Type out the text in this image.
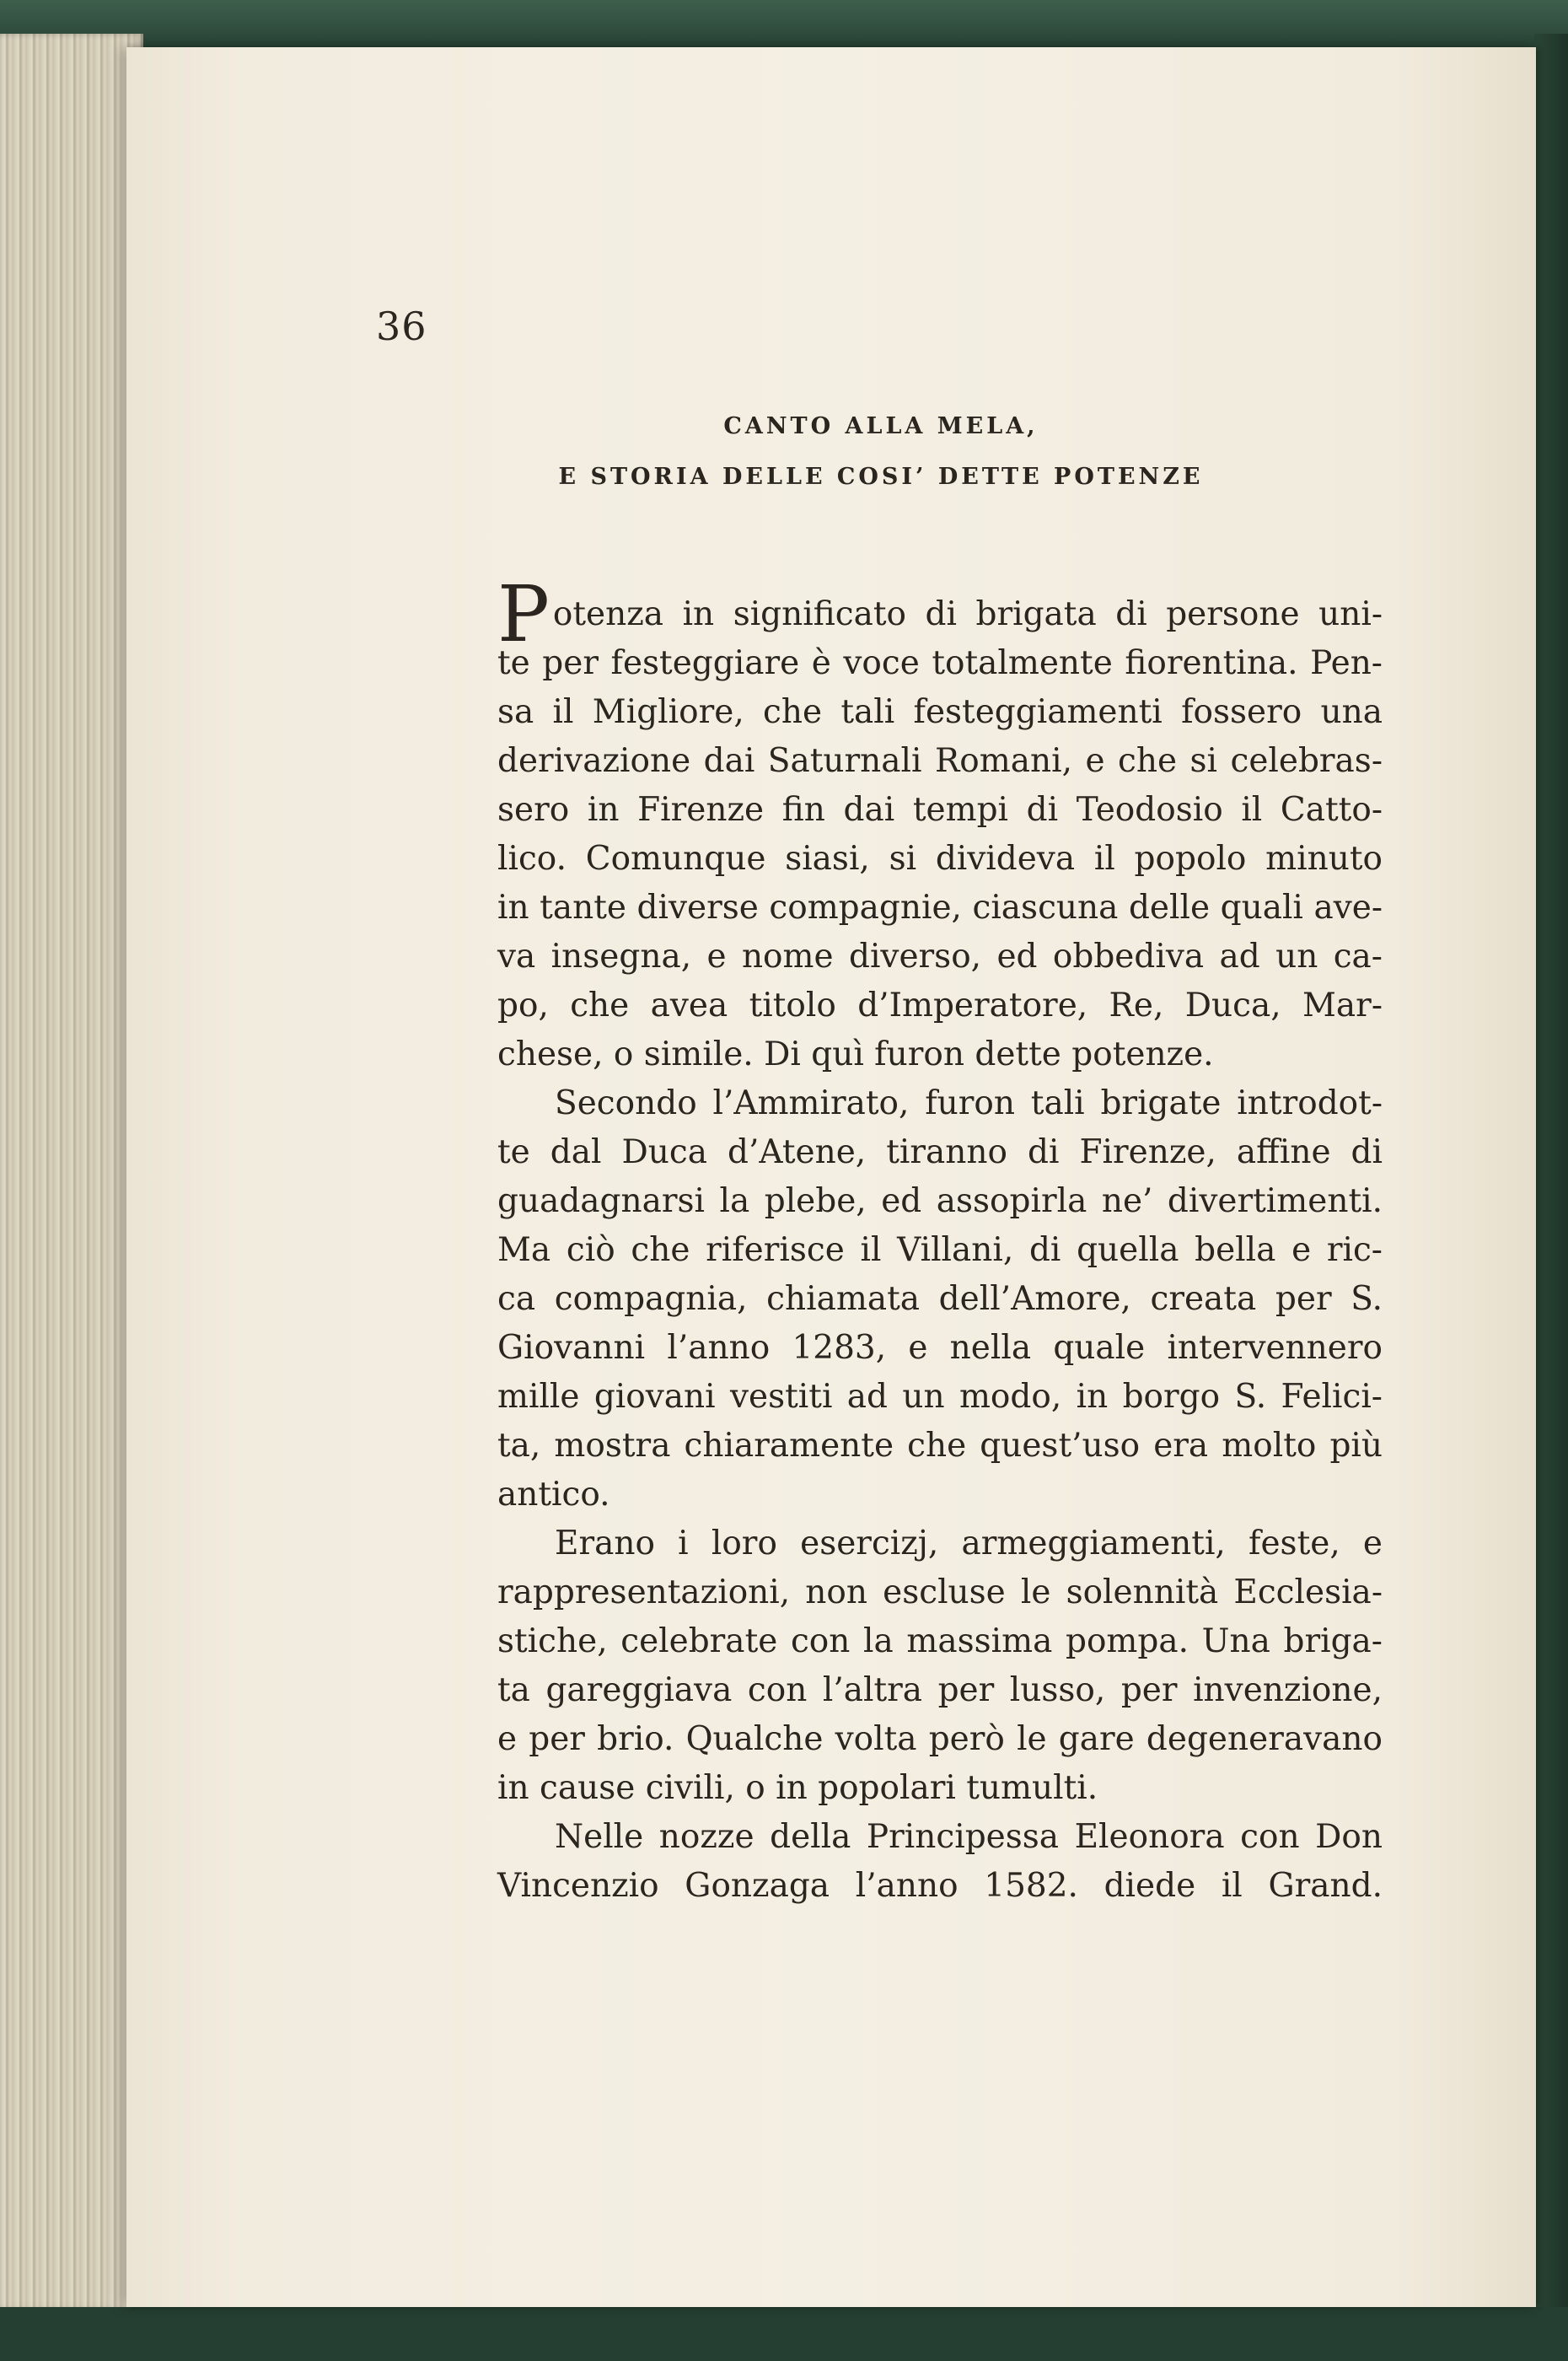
36
CANTO ALLA MELA,
E STORIA DELLE COSI’ DETTE POTENZE
Potenza in significato di brigata di persone uni-
te per festeggiare è voce totalmente fiorentina. Pen-
sa il Migliore, che tali festeggiamenti fossero una
derivazione dai Saturnali Romani, e che si celebras-
sero in Firenze fin dai tempi di Teodosio il Catto-
lico. Comunque siasi, si divideva il popolo minuto
in tante diverse compagnie, ciascuna delle quali ave-
va insegna, e nome diverso, ed obbediva ad un ca-
po, che avea titolo d’Imperatore, Re, Duca, Mar-
chese, o simile. Di quì furon dette potenze.
Secondo l’Ammirato, furon tali brigate introdot-
te dal Duca d’Atene, tiranno di Firenze, affine di
guadagnarsi la plebe, ed assopirla ne’ divertimenti.
Ma ciò che riferisce il Villani, di quella bella e ric-
ca compagnia, chiamata dell’Amore, creata per S.
Giovanni l’anno 1283, e nella quale intervennero
mille giovani vestiti ad un modo, in borgo S. Felici-
ta, mostra chiaramente che quest’uso era molto più
antico.
Erano i loro esercizj, armeggiamenti, feste, e
rappresentazioni, non escluse le solennità Ecclesia-
stiche, celebrate con la massima pompa. Una briga-
ta gareggiava con l’altra per lusso, per invenzione,
e per brio. Qualche volta però le gare degeneravano
in cause civili, o in popolari tumulti.
Nelle nozze della Principessa Eleonora con Don
Vincenzio Gonzaga l’anno 1582. diede il Grand.
